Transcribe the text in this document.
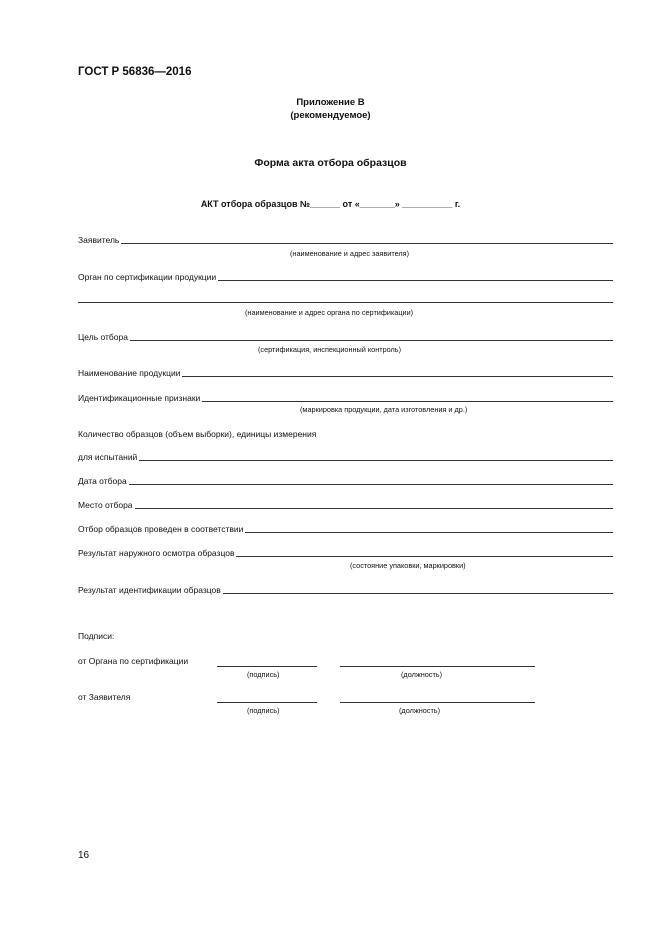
ГОСТ Р 56836—2016
Приложение В
(рекомендуемое)
Форма акта отбора образцов
АКТ отбора образцов №______ от «_______» __________ г.
Заявитель
(наименование и адрес заявителя)
Орган по сертификации продукции
(наименование и адрес органа по сертификации)
Цель отбора
(сертификация, инспекционный контроль)
Наименование продукции
Идентификационные признаки
(маркировка продукции, дата изготовления и др.)
Количество образцов (объем выборки), единицы измерения
для испытаний
Дата отбора
Место отбора
Отбор образцов проведен в соответствии
Результат наружного осмотра образцов
(состояние упаковки, маркировки)
Результат идентификации образцов
Подписи:
от Органа по сертификации
(подпись)	(должность)
от Заявителя
(подпись)	(должность)
16
